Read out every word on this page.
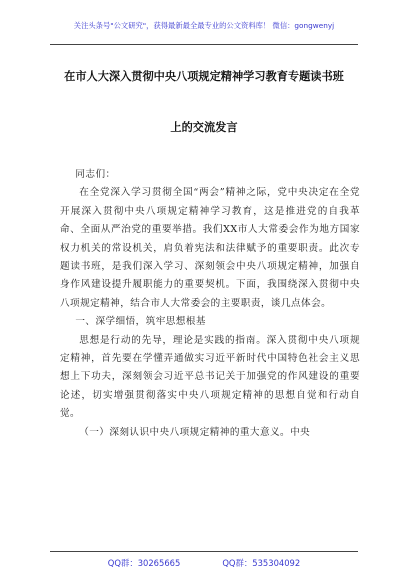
关注头条号"公文研究"，获得最新最全最专业的公文资料库！ 微信：gongwenyj
在市人大深入贯彻中央八项规定精神学习教育专题读书班
上的交流发言

同志们：

在全党深入学习贯彻全国“两会”精神之际，党中央决定在全党开展深入贯彻中央八项规定精神学习教育，这是推进党的自我革命、全面从严治党的重要举措。我们XX市人大常委会作为地方国家权力机关的常设机关，肩负着宪法和法律赋予的重要职责。此次专题读书班，是我们深入学习、深刻领会中央八项规定精神，加强自身作风建设提升履职能力的重要契机。下面，我围绕深入贯彻中央八项规定精神，结合市人大常委会的主要职责，谈几点体会。

一、深学细悟，筑牢思想根基

思想是行动的先导，理论是实践的指南。深入贯彻中央八项规定精神，首先要在学懂弄通做实习近平新时代中国特色社会主义思想上下功夫，深刻领会习近平总书记关于加强党的作风建设的重要论述，切实增强贯彻落实中央八项规定精神的思想自觉和行动自觉。

（一）深刻认识中央八项规定精神的重大意义。中央

QQ群：30265665	QQ群：535304092
